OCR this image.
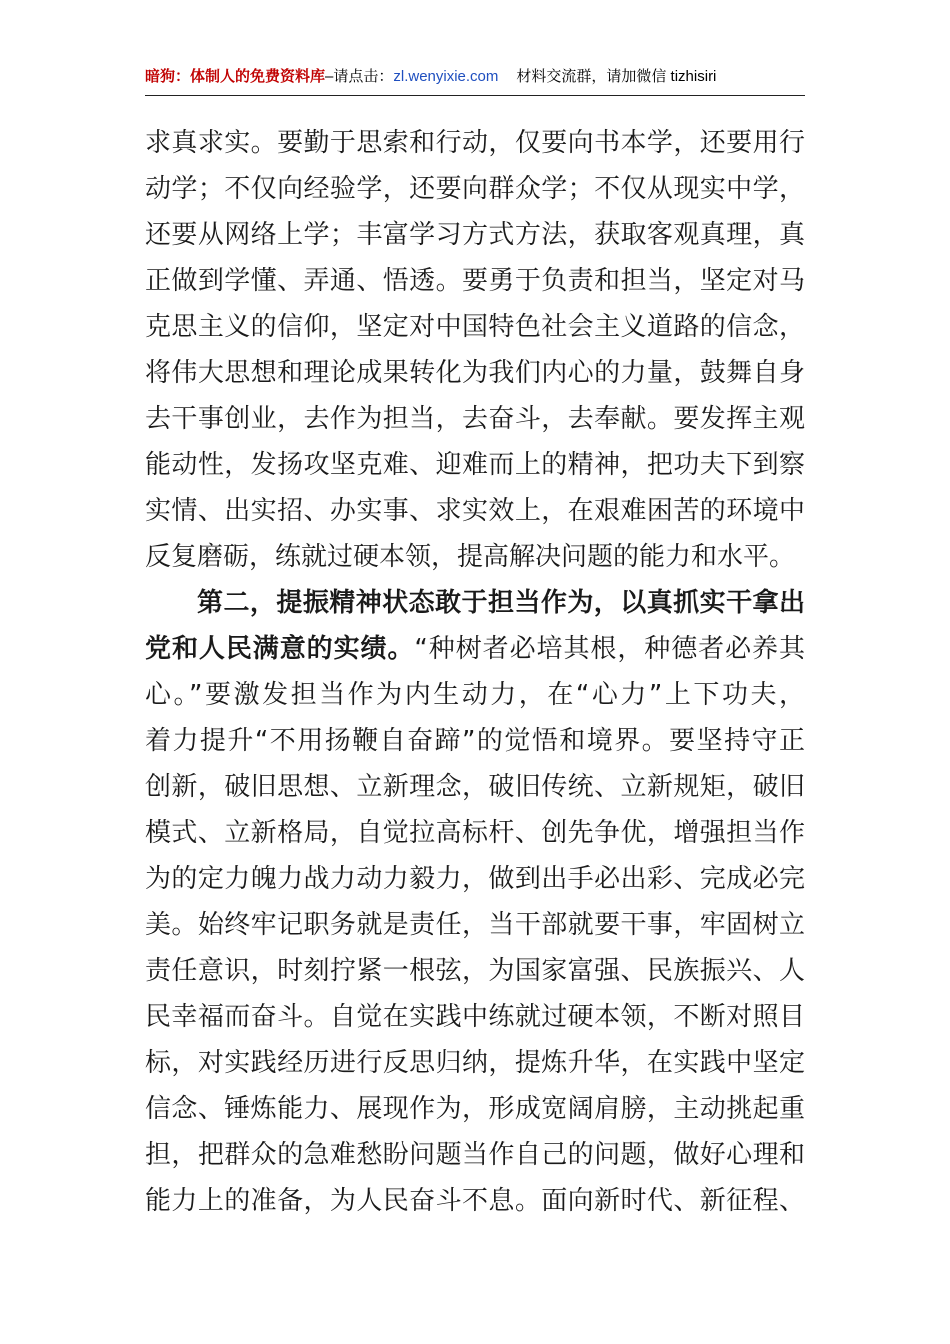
暗狗：体制人的免费资料库–请点击：zl.wenyixie.com 材料交流群，请加微信 tizhisiri
求真求实。要勤于思索和行动，仅要向书本学，还要用行
动学；不仅向经验学，还要向群众学；不仅从现实中学，
还要从网络上学；丰富学习方式方法，获取客观真理，真
正做到学懂、弄通、悟透。要勇于负责和担当，坚定对马
克思主义的信仰，坚定对中国特色社会主义道路的信念，
将伟大思想和理论成果转化为我们内心的力量，鼓舞自身
去干事创业，去作为担当，去奋斗，去奉献。要发挥主观
能动性，发扬攻坚克难、迎难而上的精神，把功夫下到察
实情、出实招、办实事、求实效上，在艰难困苦的环境中
反复磨砺，练就过硬本领，提高解决问题的能力和水平。
第二，提振精神状态敢于担当作为，以真抓实干拿出
党和人民满意的实绩。“种树者必培其根，种德者必养其
心。”要激发担当作为内生动力，在“心力”上下功夫，
着力提升“不用扬鞭自奋蹄”的觉悟和境界。要坚持守正
创新，破旧思想、立新理念，破旧传统、立新规矩，破旧
模式、立新格局，自觉拉高标杆、创先争优，增强担当作
为的定力魄力战力动力毅力，做到出手必出彩、完成必完
美。始终牢记职务就是责任，当干部就要干事，牢固树立
责任意识，时刻拧紧一根弦，为国家富强、民族振兴、人
民幸福而奋斗。自觉在实践中练就过硬本领，不断对照目
标，对实践经历进行反思归纳，提炼升华，在实践中坚定
信念、锤炼能力、展现作为，形成宽阔肩膀，主动挑起重
担，把群众的急难愁盼问题当作自己的问题，做好心理和
能力上的准备，为人民奋斗不息。面向新时代、新征程、
